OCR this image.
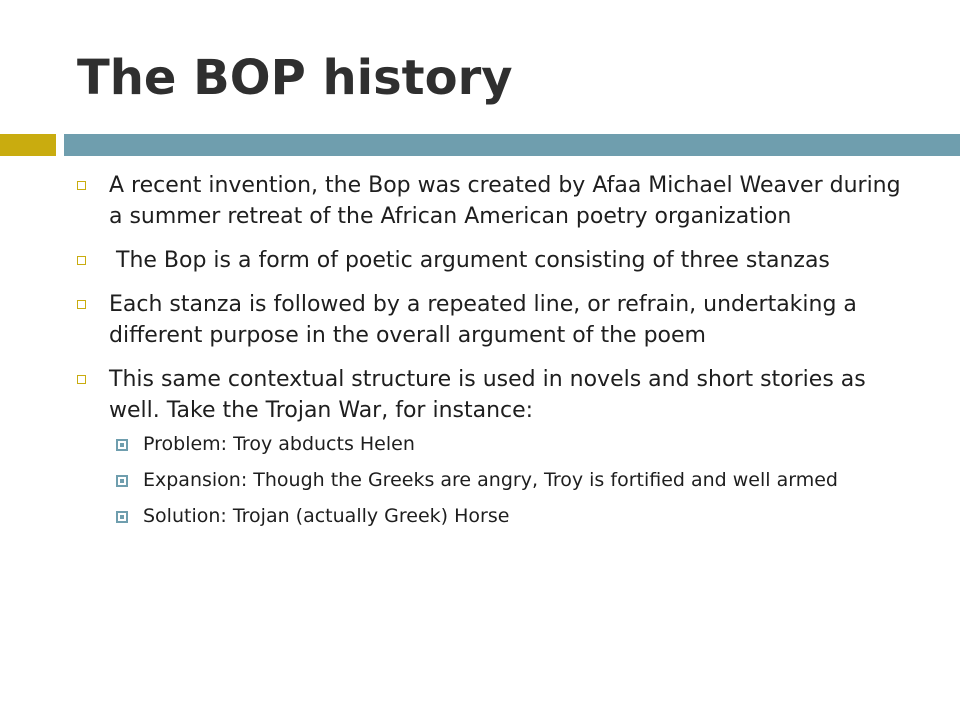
The BOP history
A recent invention, the Bop was created by Afaa Michael Weaver during a summer retreat of the African American poetry organization
The Bop is a form of poetic argument consisting of three stanzas
Each stanza is followed by a repeated line, or refrain, undertaking a different purpose in the overall argument of the poem
This same contextual structure is used in novels and short stories as well. Take the Trojan War, for instance:
Problem: Troy abducts Helen
Expansion: Though the Greeks are angry, Troy is fortified and well armed
Solution: Trojan (actually Greek) Horse
